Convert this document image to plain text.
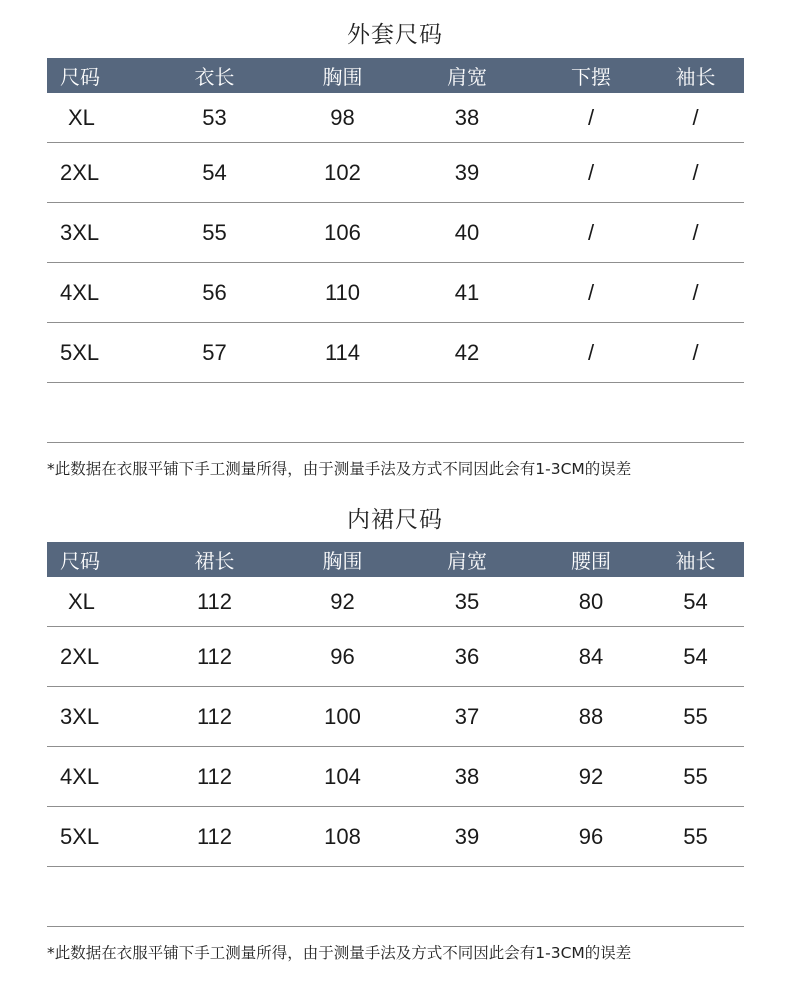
外套尺码
尺码	衣长	胸围	肩宽	下摆	袖长
XL	53	98	38	/	/
2XL	54	102	39	/	/
3XL	55	106	40	/	/
4XL	56	110	41	/	/
5XL	57	114	42	/	/
*此数据在衣服平铺下手工测量所得，由于测量手法及方式不同因此会有1-3CM的误差
内裙尺码
尺码	裙长	胸围	肩宽	腰围	袖长
XL	112	92	35	80	54
2XL	112	96	36	84	54
3XL	112	100	37	88	55
4XL	112	104	38	92	55
5XL	112	108	39	96	55
*此数据在衣服平铺下手工测量所得，由于测量手法及方式不同因此会有1-3CM的误差
